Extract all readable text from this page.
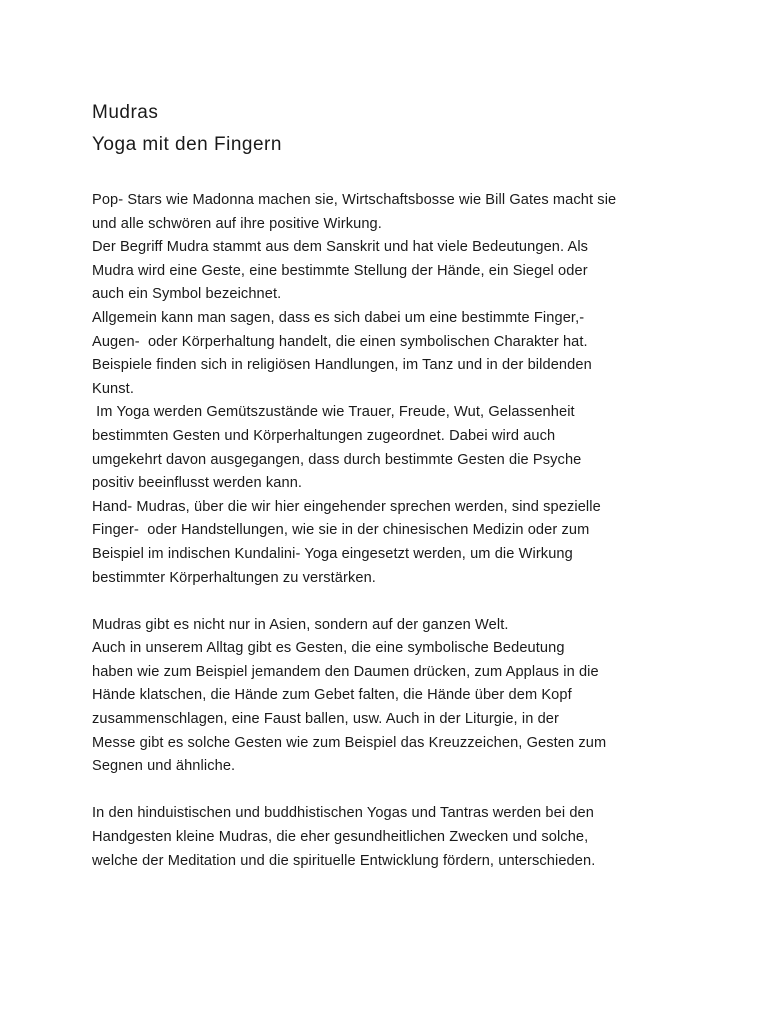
Mudras
Yoga mit den Fingern
Pop- Stars wie Madonna machen sie, Wirtschaftsbosse wie Bill Gates macht sie
und alle schwören auf ihre positive Wirkung.
Der Begriff Mudra stammt aus dem Sanskrit und hat viele Bedeutungen. Als
Mudra wird eine Geste, eine bestimmte Stellung der Hände, ein Siegel oder
auch ein Symbol bezeichnet.
Allgemein kann man sagen, dass es sich dabei um eine bestimmte Finger,-
Augen-  oder Körperhaltung handelt, die einen symbolischen Charakter hat.
Beispiele finden sich in religiösen Handlungen, im Tanz und in der bildenden
Kunst.
Im Yoga werden Gemütszustände wie Trauer, Freude, Wut, Gelassenheit
bestimmten Gesten und Körperhaltungen zugeordnet. Dabei wird auch
umgekehrt davon ausgegangen, dass durch bestimmte Gesten die Psyche
positiv beeinflusst werden kann.
Hand- Mudras, über die wir hier eingehender sprechen werden, sind spezielle
Finger-  oder Handstellungen, wie sie in der chinesischen Medizin oder zum
Beispiel im indischen Kundalini- Yoga eingesetzt werden, um die Wirkung
bestimmter Körperhaltungen zu verstärken.
Mudras gibt es nicht nur in Asien, sondern auf der ganzen Welt.
Auch in unserem Alltag gibt es Gesten, die eine symbolische Bedeutung
haben wie zum Beispiel jemandem den Daumen drücken, zum Applaus in die
Hände klatschen, die Hände zum Gebet falten, die Hände über dem Kopf
zusammenschlagen, eine Faust ballen, usw. Auch in der Liturgie, in der
Messe gibt es solche Gesten wie zum Beispiel das Kreuzzeichen, Gesten zum
Segnen und ähnliche.
In den hinduistischen und buddhistischen Yogas und Tantras werden bei den
Handgesten kleine Mudras, die eher gesundheitlichen Zwecken und solche,
welche der Meditation und die spirituelle Entwicklung fördern, unterschieden.
